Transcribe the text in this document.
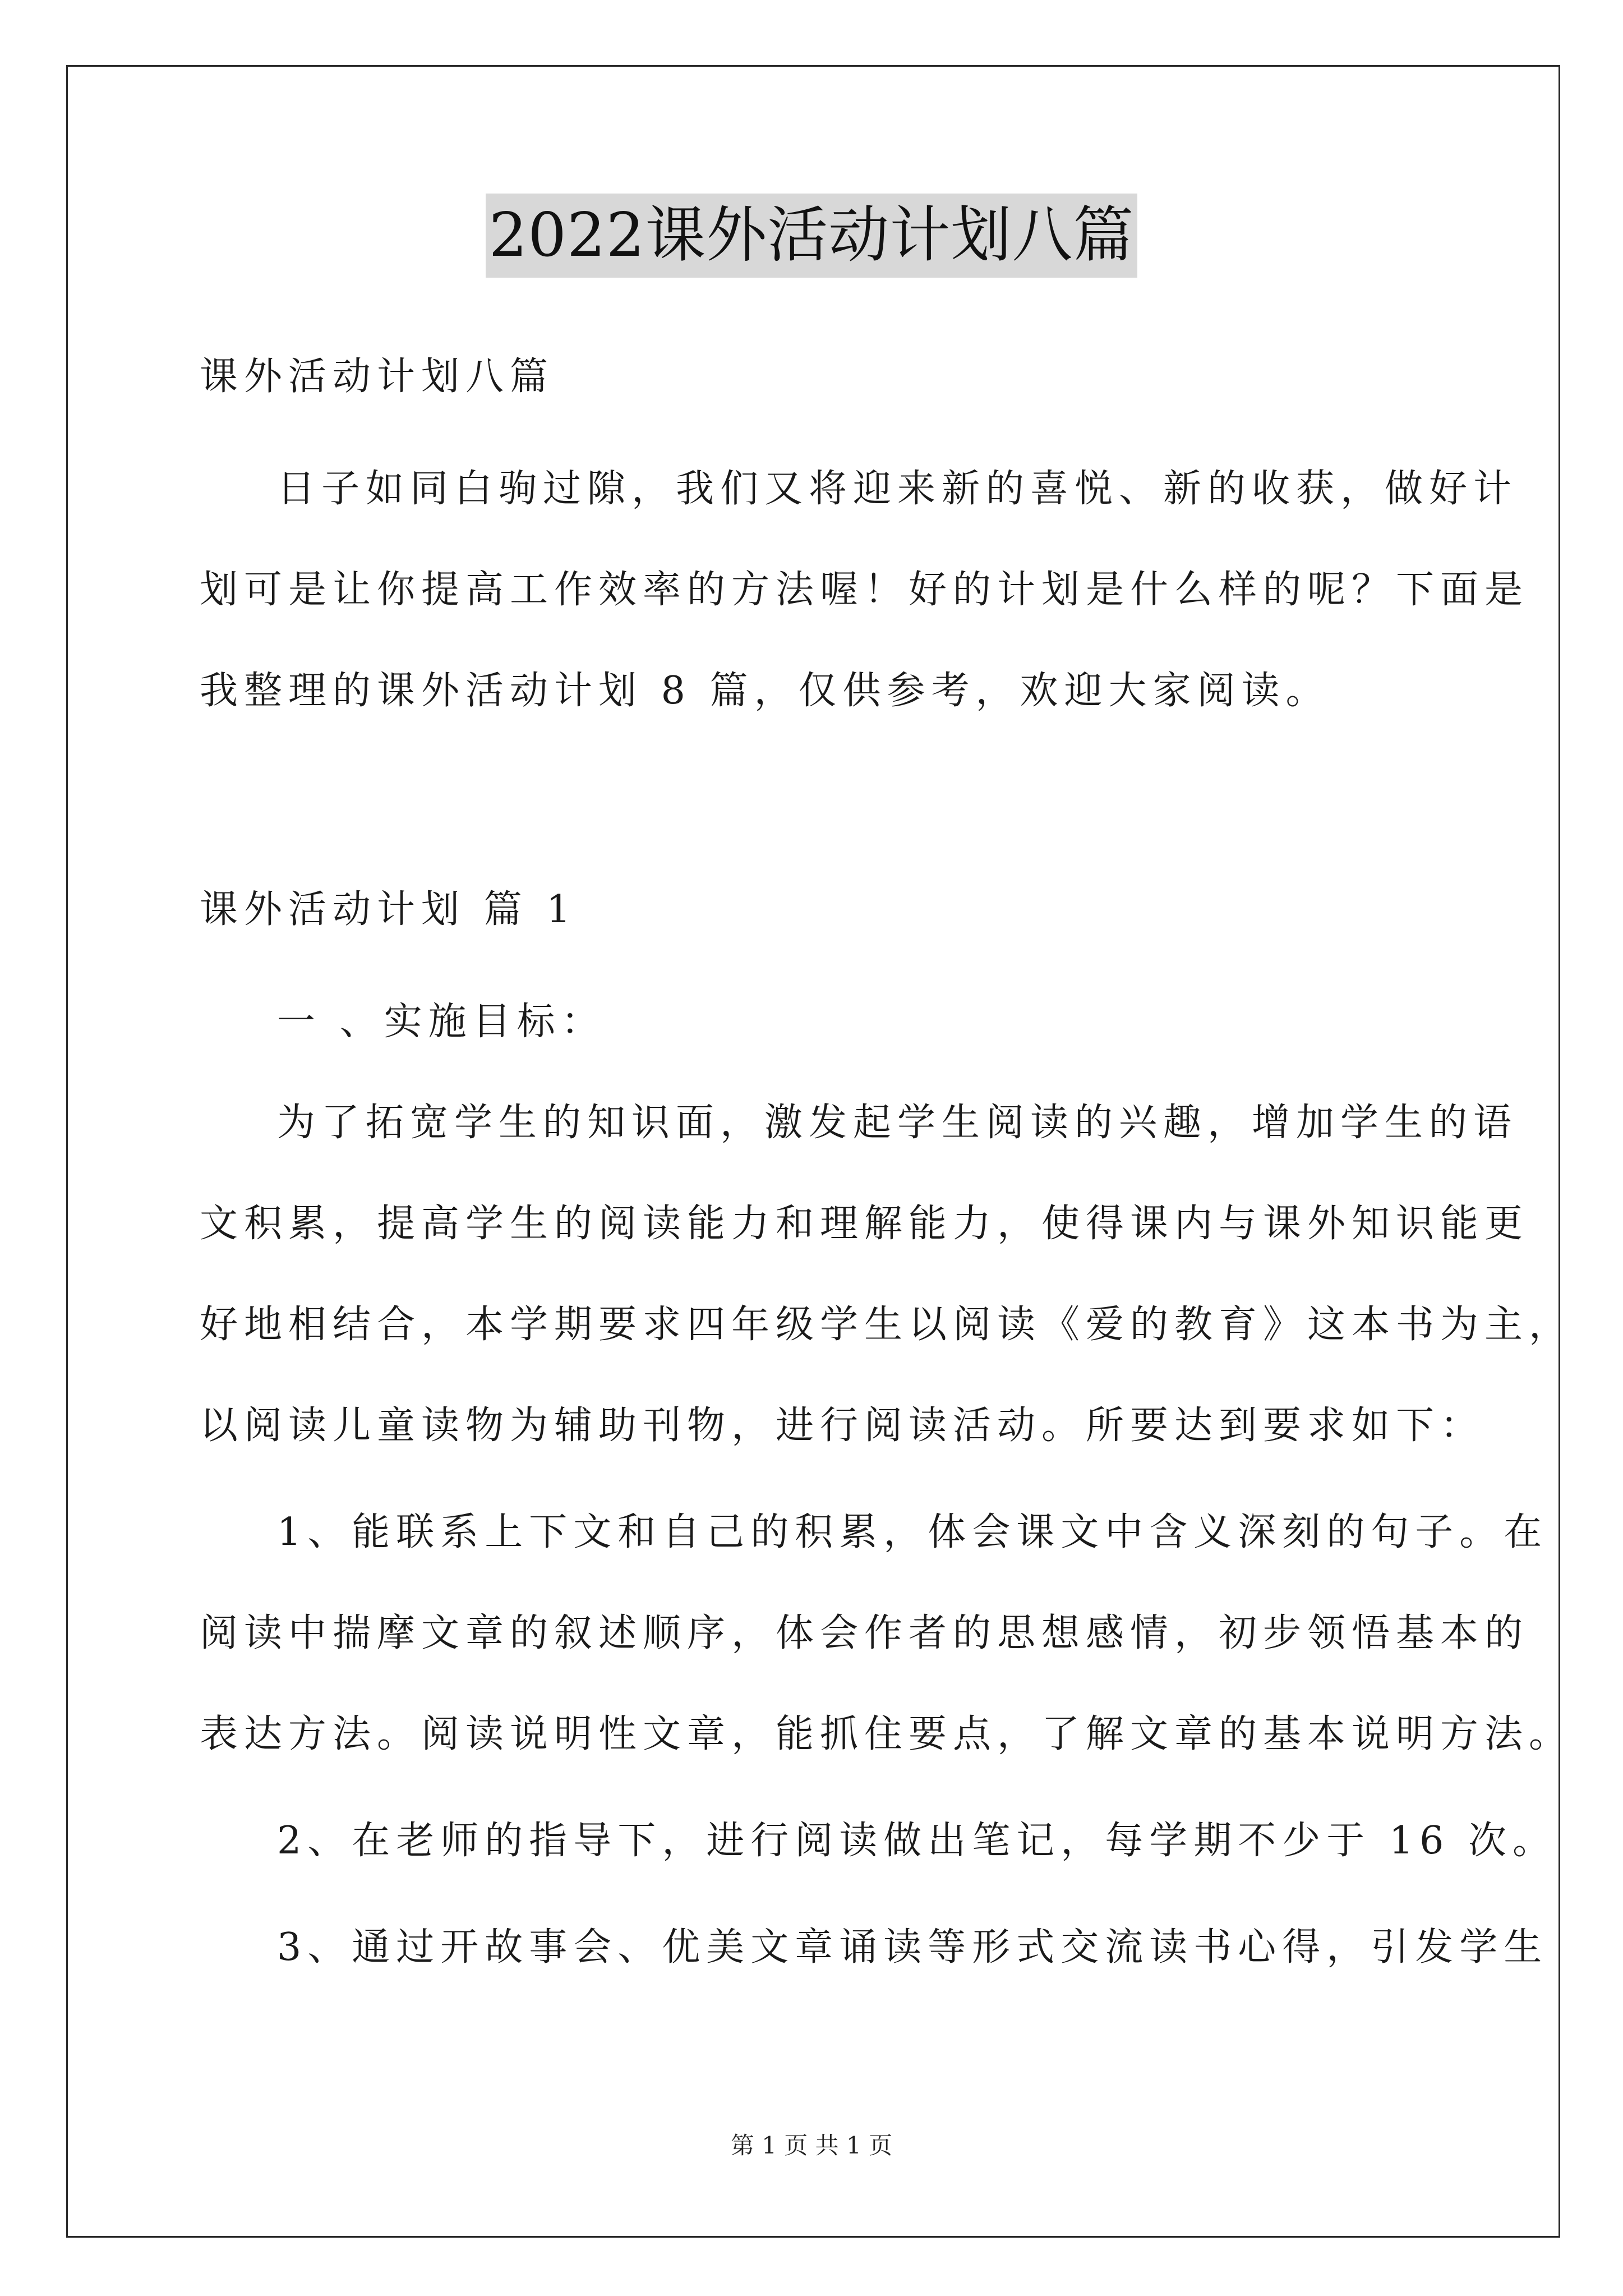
2022课外活动计划八篇
课外活动计划八篇
日子如同白驹过隙，我们又将迎来新的喜悦、新的收获，做好计
划可是让你提高工作效率的方法喔！好的计划是什么样的呢？下面是
我整理的课外活动计划 8 篇，仅供参考，欢迎大家阅读。
课外活动计划 篇 1
一 、实施目标：
为了拓宽学生的知识面，激发起学生阅读的兴趣，增加学生的语
文积累，提高学生的阅读能力和理解能力，使得课内与课外知识能更
好地相结合，本学期要求四年级学生以阅读《爱的教育》这本书为主，
以阅读儿童读物为辅助刊物，进行阅读活动。所要达到要求如下：
1、能联系上下文和自己的积累，体会课文中含义深刻的句子。在
阅读中揣摩文章的叙述顺序，体会作者的思想感情，初步领悟基本的
表达方法。阅读说明性文章，能抓住要点，了解文章的基本说明方法。
2、在老师的指导下，进行阅读做出笔记，每学期不少于 16 次。
3、通过开故事会、优美文章诵读等形式交流读书心得，引发学生
第 1 页 共 1 页
